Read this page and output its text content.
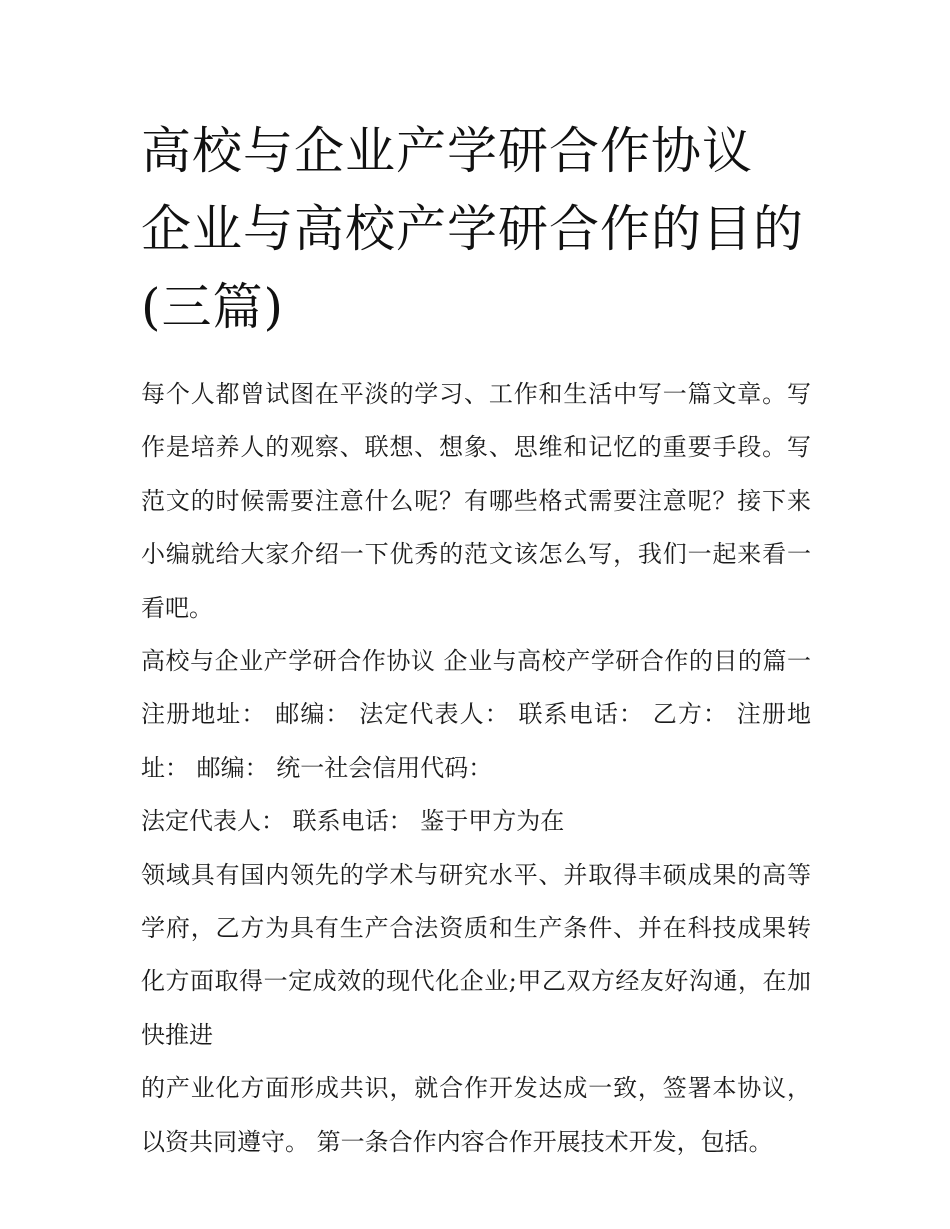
高校与企业产学研合作协议 企业与高校产学研合作的目的(三篇)

每个人都曾试图在平淡的学习、工作和生活中写一篇文章。写作是培养人的观察、联想、想象、思维和记忆的重要手段。写范文的时候需要注意什么呢？有哪些格式需要注意呢？接下来小编就给大家介绍一下优秀的范文该怎么写，我们一起来看一看吧。

高校与企业产学研合作协议 企业与高校产学研合作的目的篇一 注册地址： 邮编： 法定代表人： 联系电话： 乙方： 注册地址： 邮编： 统一社会信用代码：

法定代表人： 联系电话： 鉴于甲方为在

领域具有国内领先的学术与研究水平、并取得丰硕成果的高等学府，乙方为具有生产合法资质和生产条件、并在科技成果转化方面取得一定成效的现代化企业;甲乙双方经友好沟通，在加快推进

的产业化方面形成共识，就合作开发达成一致，签署本协议，以资共同遵守。 第一条合作内容合作开展技术开发，包括。
